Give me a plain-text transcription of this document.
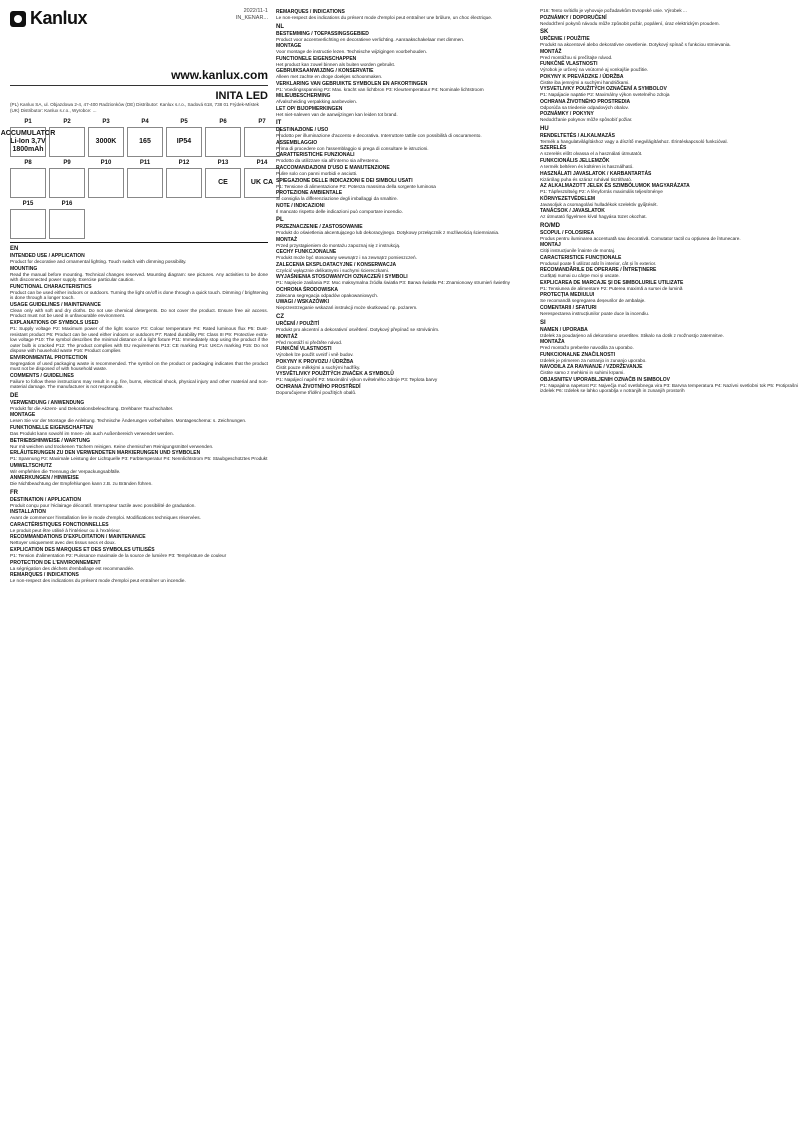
Kanlux	2022/11-1
IN_KENAR...
www.kanlux.com
INITA LED
(PL) Kanlux SA, ul. Objazdowa 2-4, 47-400 Radzionków (DE) Distributor: Kanlux s.r.o., Sadová 618, 738 01 Frýdek-Místek (UK) Distributor: Kanlux s.r.o., Wyrobce: ...
P1
ACCUMULATOR Li-Ion 3,7V 1800mAh
P2	P3
3000K
P4
165
P5
IP54
P6	P7
P8	P9	P10	P11	P12	P13
CE
P14
UK CA
P15	P16
EN
INTENDED USE / APPLICATION
Product for decorative and ornamental lighting. Touch switch with dimming possibility.
MOUNTING
Read the manual before mounting. Technical changes reserved. Mounting diagram: see pictures. Any activities to be done with disconnected power supply. Exercise particular caution.
FUNCTIONAL CHARACTERISTICS
Product can be used either indoors or outdoors. Turning the light on/off is done through a quick touch. Dimming / brightening is done through a longer touch.
USAGE GUIDELINES / MAINTENANCE
Clean only with soft and dry cloths. Do not use chemical detergents. Do not cover the product. Ensure free air access. Product must not be used in unfavourable environment.
EXPLANATIONS OF SYMBOLS USED
P1: Supply voltage P2: Maximum power of the light source P3: Colour temperature P4: Rated luminous flux P5: Dust-resistant product P6: Product can be used either indoors or outdoors P7: Rated durability P8: Class III P9: Protective extra-low voltage P10: The symbol describes the minimal distance of a light fixture P11: Immediately stop using the product if the outer bulb is cracked P12: The product complies with EU requirements P13: CE marking P14: UKCA marking P15: Do not dispose with household waste P16: Product complies
ENVIRONMENTAL PROTECTION
Segregation of used packaging waste is recommended. The symbol on the product or packaging indicates that the product must not be disposed of with household waste.
COMMENTS / GUIDELINES
Failure to follow these instructions may result in e.g. fire, burns, electrical shock, physical injury and other material and non-material damage. The manufacturer is not responsible.
DE
VERWENDUNG / ANWENDUNG
Produkt für die Akzent- und Dekorationsbeleuchtung. Drehbarer Touchschalter.
MONTAGE
Lesen Sie vor der Montage die Anleitung. Technische Änderungen vorbehalten. Montageschema: s. Zeichnungen.
FUNKTIONELLE EIGENSCHAFTEN
Das Produkt kann sowohl im Innen- als auch Außenbereich verwendet werden.
BETRIEBSHINWEISE / WARTUNG
Nur mit weichen und trockenen Tüchern reinigen. Keine chemischen Reinigungsmittel verwenden.
ERLÄUTERUNGEN ZU DEN VERWENDETEN MARKIERUNGEN UND SYMBOLEN
P1: Spannung P2: Maximale Leistung der Lichtquelle P3: Farbtemperatur P4: Nennlichtstrom P5: Staubgeschütztes Produkt
UMWELTSCHUTZ
Wir empfehlen die Trennung der Verpackungsabfälle.
ANMERKUNGEN / HINWEISE
Die Nichtbeachtung der Empfehlungen kann z.B. zu Bränden führen.
FR
DESTINATION / APPLICATION
Produit conçu pour l'éclairage décoratif. Interrupteur tactile avec possibilité de graduation.
INSTALLATION
Avant de commencer l'installation lire le mode d'emploi. Modifications techniques réservées.
CARACTÉRISTIQUES FONCTIONNELLES
Le produit peut être utilisé à l'intérieur ou à l'extérieur.
RECOMMANDATIONS D'EXPLOITATION / MAINTENANCE
Nettoyer uniquement avec des tissus secs et doux.
EXPLICATION DES MARQUES ET DES SYMBOLES UTILISÉS
P1: Tension d'alimentation P2: Puissance maximale de la source de lumière P3: Température de couleur
PROTECTION DE L'ENVIRONNEMENT
La ségrégation des déchets d'emballage est recommandée.
REMARQUES / INDICATIONS
Le non-respect des indications du présent mode d'emploi peut entraîner un incendie.
REMARQUES / INDICATIONS
Le non-respect des indications du présent mode d'emploi peut entraîner une brûlure, un choc électrique.
NL
BESTEMMING / TOEPASSINGSGEBIED
Product voor accentverlichting en decoratieve verlichting. Aanraakschakelaar met dimmen.
MONTAGE
Voor montage de instructie lezen. Technische wijzigingen voorbehouden.
FUNCTIONELE EIGENSCHAPPEN
Het product kan zowel binnen als buiten worden gebruikt.
GEBRUIKSAANWIJZING / KONSERVATIE
Alleen met zachte en droge doekjes schoonmaken.
VERKLARING VAN GEBRUIKTE SYMBOLEN EN AFKORTINGEN
P1: Voedingsspanning P2: Max. kracht van lichtbron P3: Kleurtemperatuur P4: Nominale lichtstroom
MILIEUBESCHERMING
Afvalscheiding verpakking aanbevolen.
LET OP/ BIJOPMERKINGEN
Het niet-naleven van de aanwijzingen kan leiden tot brand.
IT
DESTINAZIONE / USO
Prodotto per illuminazione d'accento e decorativa. Interruttore tattile con possibilità di oscuramento.
ASSEMBLAGGIO
Prima di procedere con l'assemblaggio si prega di consultare le istruzioni.
CARATTERISTICHE FUNZIONALI
Prodotto da utilizzare sia all'interno sia all'esterno.
RACCOMANDAZIONI D'USO E MANUTENZIONE
Pulire solo con panni morbidi e asciutti.
SPIEGAZIONE DELLE INDICAZIONI E DEI SIMBOLI USATI
P1: Tensione di alimentazione P2: Potenza massima della sorgente luminosa
PROTEZIONE AMBIENTALE
Si consiglia la differenziazione degli imballaggi da smaltire.
NOTE / INDICAZIONI
Il mancato rispetto delle indicazioni può comportare incendio.
PL
PRZEZNACZENIE / ZASTOSOWANIE
Produkt do oświetlenia akcentującego lub dekoracyjnego. Dotykowy przełącznik z możliwością ściemniania.
MONTAŻ
Przed przystąpieniem do montażu zapoznaj się z instrukcją.
CECHY FUNKCJONALNE
Produkt może być stosowany wewnątrz i na zewnątrz pomieszczeń.
ZALECENIA EKSPLOATACYJNE / KONSERWACJA
Czyścić wyłącznie delikatnymi i suchymi ściereczkami.
WYJAŚNIENIA STOSOWANYCH OZNACZEŃ I SYMBOLI
P1: Napięcie zasilania P2: Moc maksymalna źródła światła P3: Barwa światła P4: Znamionowy strumień świetlny
OCHRONA ŚRODOWISKA
Zalecana segregacja odpadów opakowaniowych.
UWAGI / WSKAZÓWKI
Nieprzestrzeganie wskazań instrukcji może skutkować np. pożarem.
CZ
URČENÍ / POUŽITÍ
Produkt pro akcentní a dekorativní osvětlení. Dotykový přepínač se stmíváním.
MONTÁŽ
Před montáží si přečtěte návod.
FUNKČNÍ VLASTNOSTI
Výrobek lze použít uvnitř i vně budov.
POKYNY K PROVOZU / ÚDRŽBA
Čistit pouze měkkými a suchými hadříky.
VYSVĚTLIVKY POUŽITÝCH ZNAČEK A SYMBOLŮ
P1: Napájecí napětí P2: Maximální výkon světelného zdroje P3: Teplota barvy
OCHRANA ŽIVOTNÍHO PROSTŘEDÍ
Doporučujeme třídění použitých obalů.
P16: Tento svítidlo je vyhovuje požadavkům Evropské unie. Výrobek ...
POZNÁMKY / DOPORUČENÍ
Nedodržení pokynů návodu může způsobit požár, popálení, úraz elektrickým proudem.
SK
URČENIE / POUŽITIE
Produkt na akcentové alebo dekoratívne osvetlenie. Dotykový spínač s funkciou stmievania.
MONTÁŽ
Pred montážou si prečítajte návod.
FUNKČNÉ VLASTNOSTI
Výrobok je určený na vnútorné aj vonkajšie použitie.
POKYNY K PREVÁDZKE / ÚDRŽBA
Čistite iba jemnými a suchými handričkami.
VYSVETLIVKY POUŽITÝCH OZNAČENÍ A SYMBOLOV
P1: Napájacie napätie P2: Maximálny výkon svetelného zdroja
OCHRANA ŽIVOTNÉHO PROSTREDIA
Odporúča sa triedenie odpadových obalov.
POZNÁMKY / POKYNY
Nedodržanie pokynov môže spôsobiť požiar.
HU
RENDELTETÉS / ALKALMAZÁS
Termék a hangulatvilágításhoz vagy a díszítő megvilágításhoz. Érintéskapcsoló funkcióval.
SZERELÉS
A szerelés előtt olvassa el a használati útmutatót.
FUNKCIONÁLIS JELLEMZŐK
A termék beltéren és kültéren is használható.
HASZNÁLATI JAVASLATOK / KARBANTARTÁS
Kizárólag puha és száraz ruhával tisztítható.
AZ ALKALMAZOTT JELEK ÉS SZIMBÓLUMOK MAGYARÁZATA
P1: Tápfeszültség P2: A fényforrás maximális teljesítménye
KÖRNYEZETVÉDELEM
Javasoljuk a csomagolási hulladékok szelektív gyűjtését.
TANÁCSOK / JAVASLATOK
Az útmutató figyelmen kívül hagyása tüzet okozhat.
RO/MD
SCOPUL / FOLOSIREA
Produs pentru iluminarea accentuată sau decorativă. Comutator tactil cu opțiunea de întunecare.
MONTAJ
Citiți instrucțiunile înainte de montaj.
CARACTERISTICE FUNCȚIONALE
Produsul poate fi utilizat atât în interior, cât și în exterior.
RECOMANDĂRILE DE OPERARE / ÎNTREȚINERE
Curățați numai cu cârpe moi și uscate.
EXPLICAREA DE MARCAJE ȘI DE SIMBOLURILE UTILIZATE
P1: Tensiunea de alimentare P2: Puterea maximă a sursei de lumină
PROTECȚIA MEDIULUI
Se recomandă segregarea deșeurilor de ambalaje.
COMENTARII / SFATURI
Nerespectarea instrucțiunilor poate duce la incendiu.
SI
NAMEN / UPORABA
Izdelek za poudarjeno ali dekorativno osvetlitev. Stikalo na dotik z možnostjo zatemnitve.
MONTAŽA
Pred montažo preberite navodila za uporabo.
FUNKCIONALNE ZNAČILNOSTI
Izdelek je primeren za notranjo in zunanjo uporabo.
NAVODILA ZA RAVNANJE / VZDRŽEVANJE
Čistite samo z mehkimi in suhimi krpami.
OBJASNITEV UPORABLJENIH OZNAČB IN SIMBOLOV
P1: Napajalna napetost P2: Največja moč svetlobnega vira P3: Barvna temperatura P4: Nazivni svetlobni tok P5: Protiprašni izdelek P6: Izdelek se lahko uporablja v notranjih in zunanjih prostorih
